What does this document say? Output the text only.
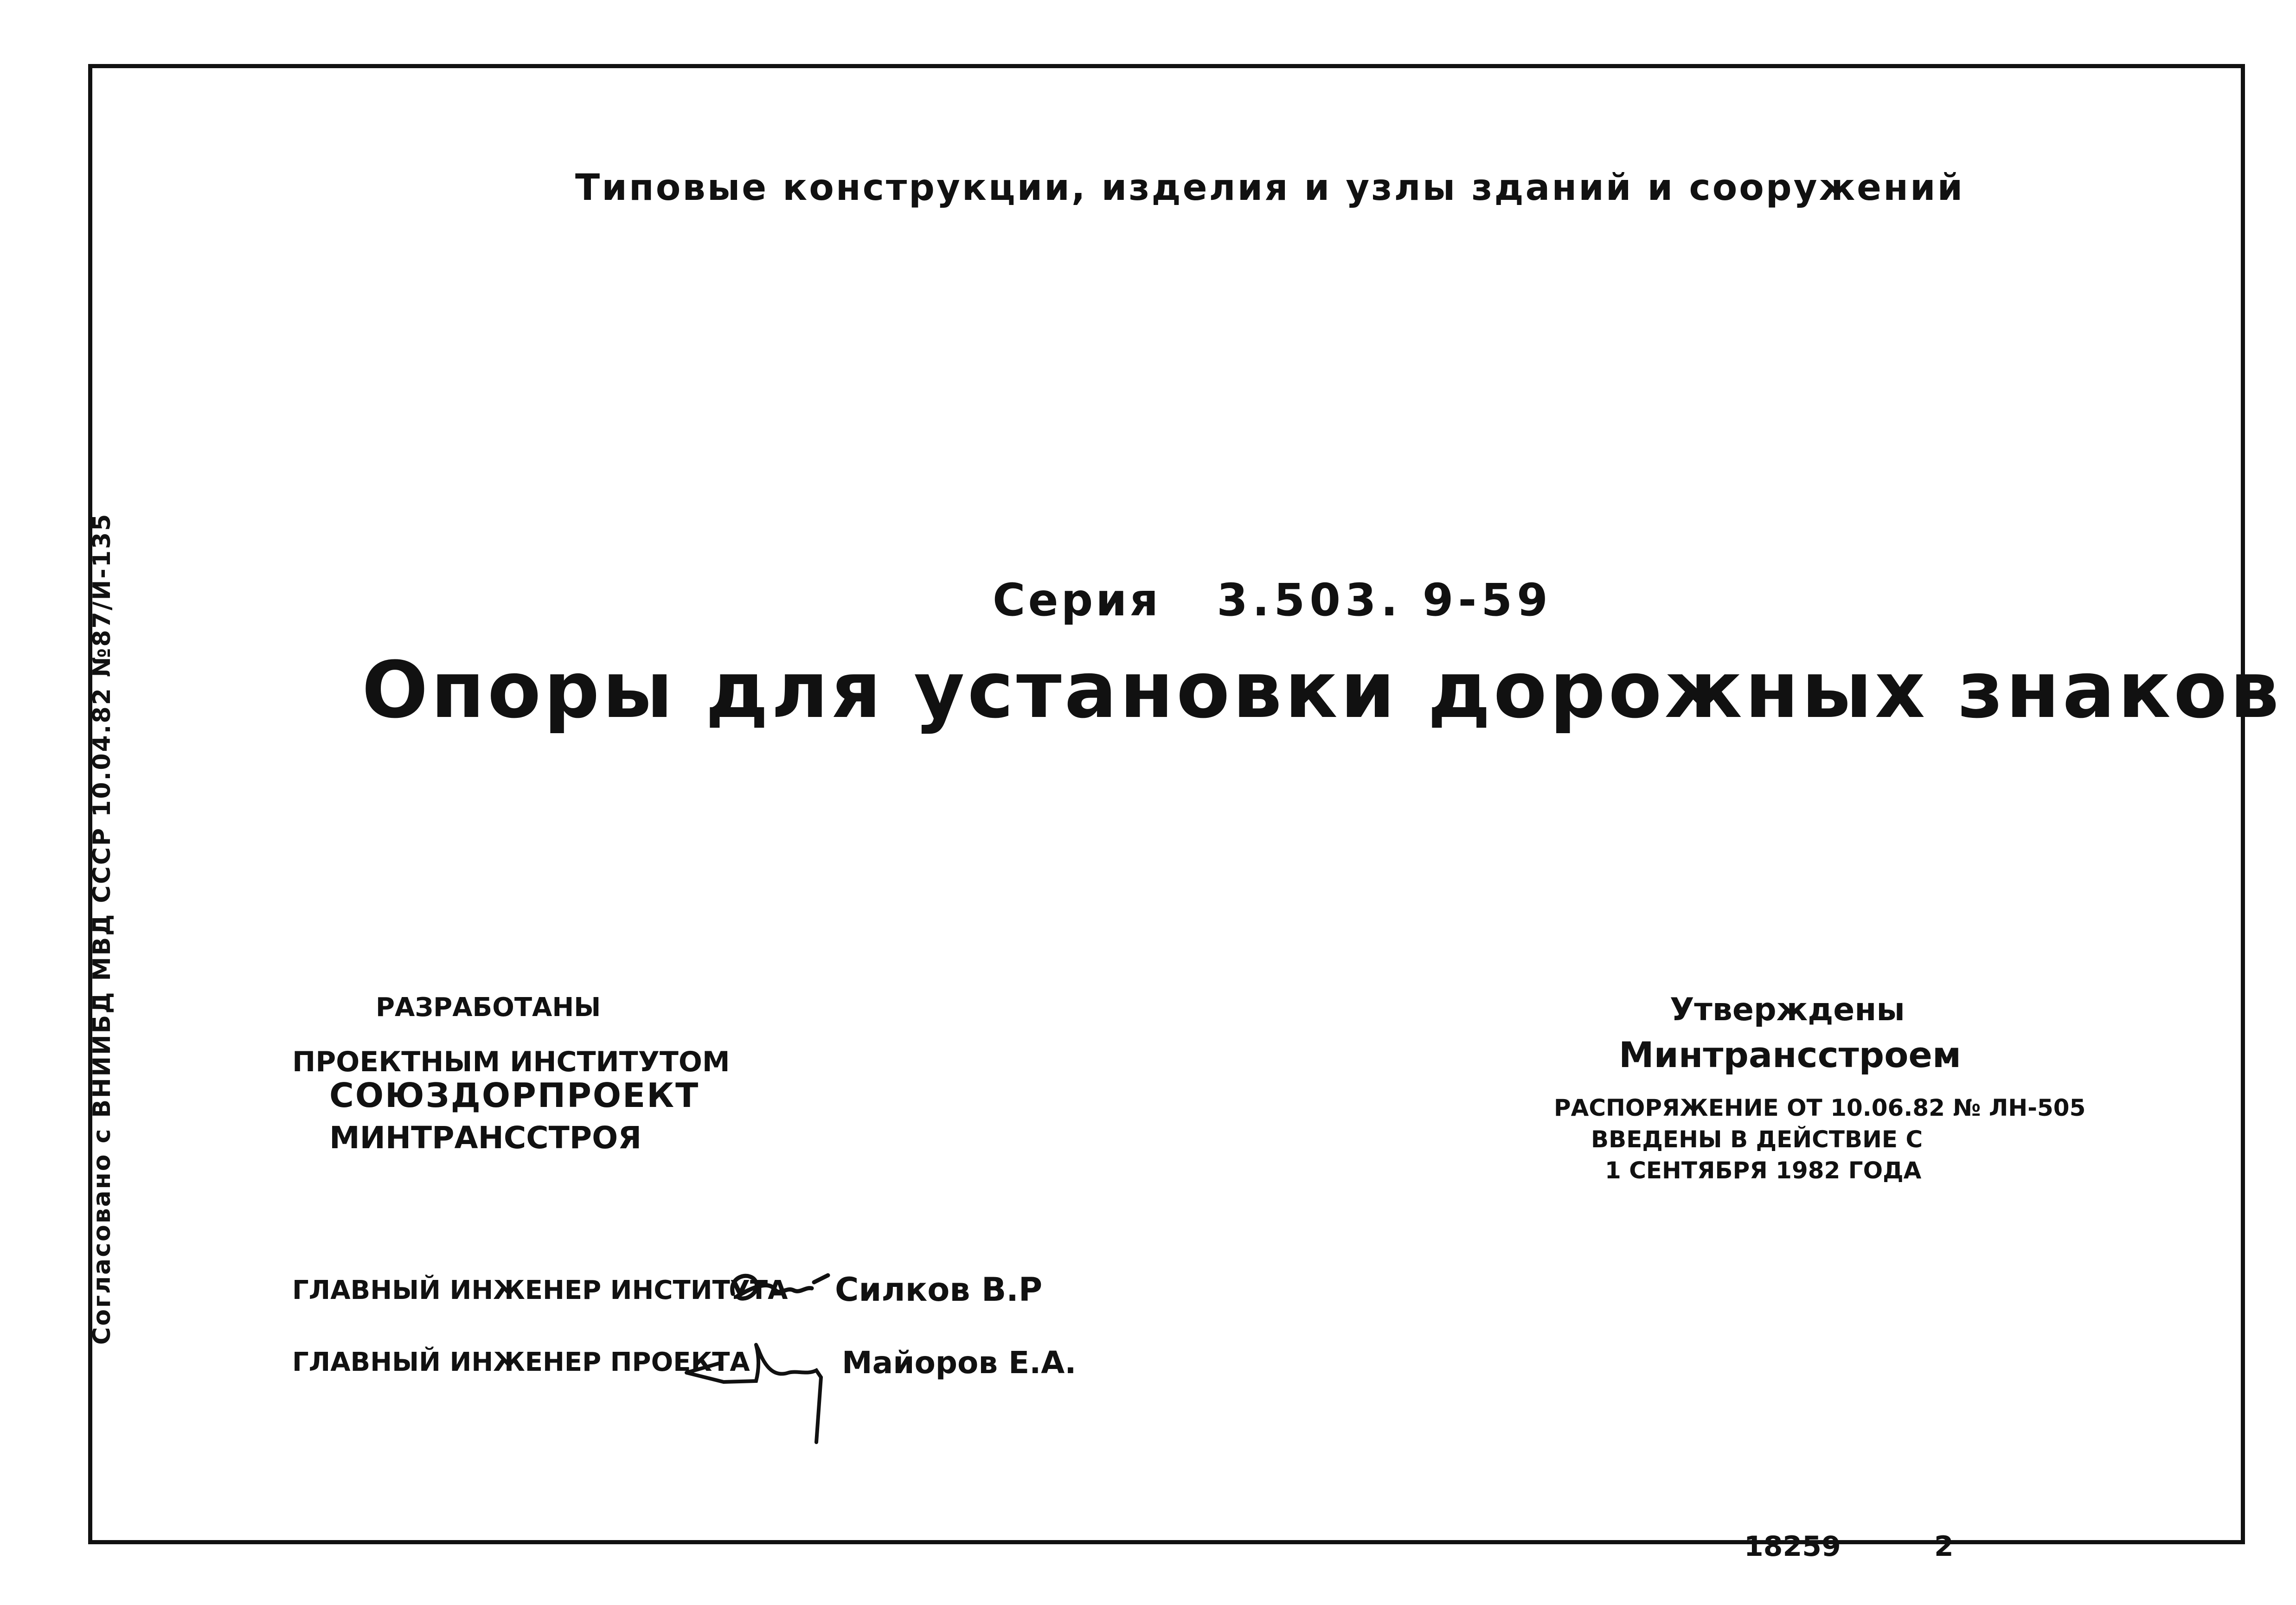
Типовые конструкции, изделия и узлы зданий и сооружений
Серия 3.503. 9-59
Опоры для установки дорожных знаков
Согласовано с ВНИИБД МВД СССР 10.04.82 №87/И-135	РАЗРАБОТАНЫ
ПРОЕКТНЫМ ИНСТИТУТОМ
СОЮЗДОРПРОЕКТ
МИНТРАНССТРОЯ
Утверждены
Минтрансстроем
РАСПОРЯЖЕНИЕ ОТ 10.06.82 № ЛН-505
ВВЕДЕНЫ В ДЕЙСТВИЕ С
1 СЕНТЯБРЯ 1982 ГОДА
ГЛАВНЫЙ ИНЖЕНЕР ИНСТИТУТА Силков В.Р
ГЛАВНЫЙ ИНЖЕНЕР ПРОЕКТА	Майоров Е.А.
18259	2
